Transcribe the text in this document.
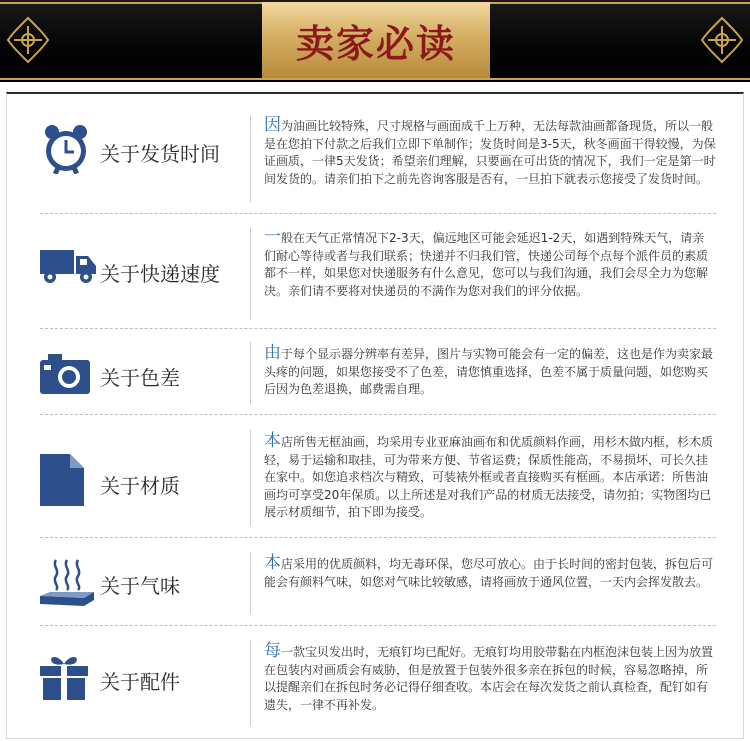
卖家必读
关于发货时间
因为油画比较特殊，尺寸规格与画面成千上万种，无法每款油画都备现货，所以一般是在您拍下付款之后我们立即下单制作；发货时间是3-5天，秋冬画面干得较慢，为保证画质，一律5天发货；希望亲们理解，只要画在可出货的情况下，我们一定是第一时间发货的。请亲们拍下之前先咨询客服是否有，一旦拍下就表示您接受了发货时间。
关于快递速度
一般在天气正常情况下2-3天，偏远地区可能会延迟1-2天，如遇到特殊天气，请亲们耐心等待或者与我们联系；快递并不归我们管，快递公司每个点每个派件员的素质都不一样，如果您对快递服务有什么意见，您可以与我们沟通，我们会尽全力为您解决。亲们请不要将对快递员的不满作为您对我们的评分依据。
关于色差
由于每个显示器分辨率有差异，图片与实物可能会有一定的偏差，这也是作为卖家最头疼的问题，如果您接受不了色差，请您慎重选择，色差不属于质量问题，如您购买后因为色差退换，邮费需自理。
关于材质
本店所售无框油画，均采用专业亚麻油画布和优质颜料作画，用杉木做内框，杉木质轻，易于运输和取挂，可为带来方便、节省运费；保质性能高，不易损坏，可长久挂在家中。如您追求档次与精致，可装裱外框或者直接购买有框画。本店承诺：所售油画均可享受20年保质。以上所述是对我们产品的材质无法接受，请勿拍；实物图均已展示材质细节，拍下即为接受。
关于气味
本店采用的优质颜料，均无毒环保，您尽可放心。由于长时间的密封包装，拆包后可能会有颜料气味，如您对气味比较敏感，请将画放于通风位置，一天内会挥发散去。
关于配件
每一款宝贝发出时，无痕钉均已配好。无痕钉均用胶带黏在内框泡沫包装上因为放置在包装内对画质会有威胁，但是放置于包装外很多亲在拆包的时候，容易忽略掉，所以提醒亲们在拆包时务必记得仔细查收。本店会在每次发货之前认真检查，配钉如有遗失，一律不再补发。
